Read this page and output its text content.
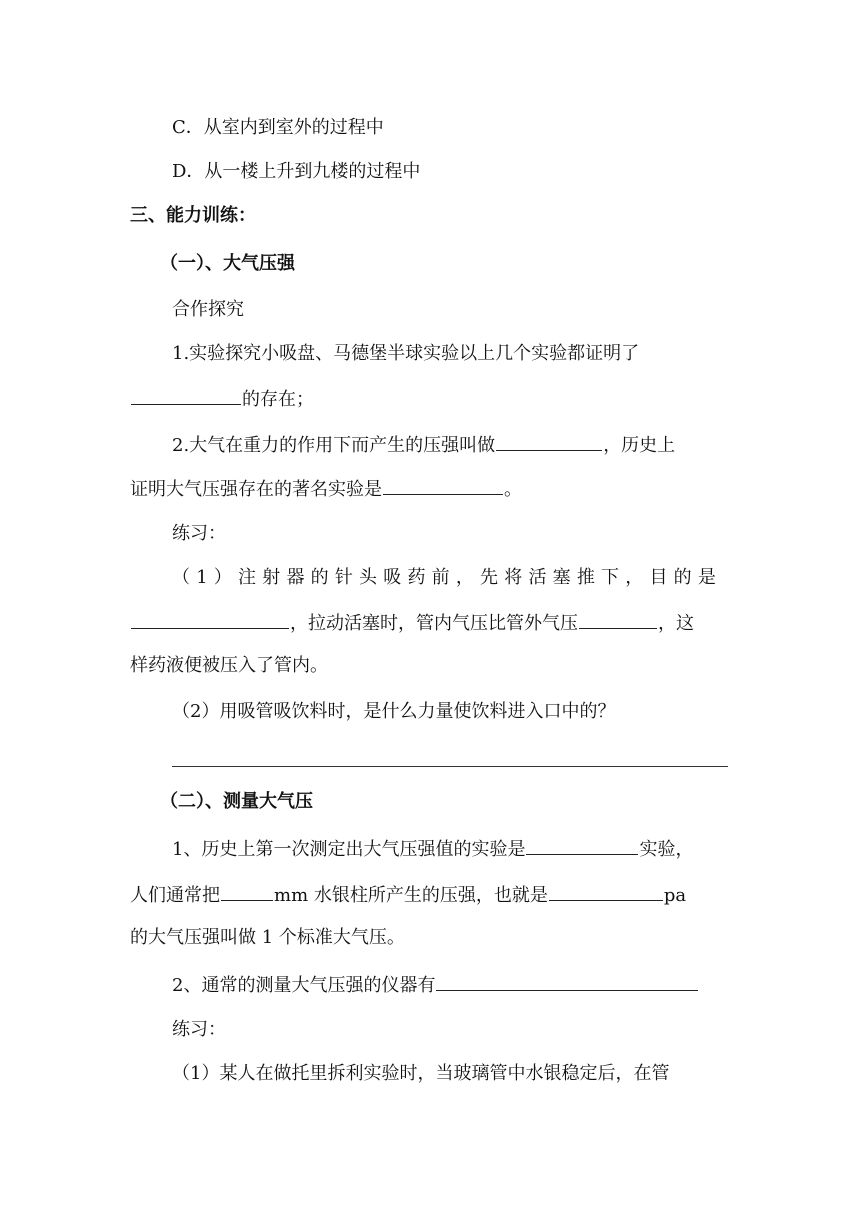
C．从室内到室外的过程中
D．从一楼上升到九楼的过程中
三、能力训练：
（一）、大气压强
合作探究
1.实验探究小吸盘、马德堡半球实验以上几个实验都证明了
的存在；
2.大气在重力的作用下而产生的压强叫做	，历史上
证明大气压强存在的著名实验是	。
练习：
（1）注射器的针头吸药前，先将活塞推下，目的是
，拉动活塞时，管内气压比管外气压	，这
样药液便被压入了管内。
（2）用吸管吸饮料时，是什么力量使饮料进入口中的？
（二）、测量大气压
1、历史上第一次测定出大气压强值的实验是	实验，
人们通常把	mm 水银柱所产生的压强，也就是	pa
的大气压强叫做 1 个标准大气压。
2、通常的测量大气压强的仪器有
练习：
（1）某人在做托里拆利实验时，当玻璃管中水银稳定后，在管
